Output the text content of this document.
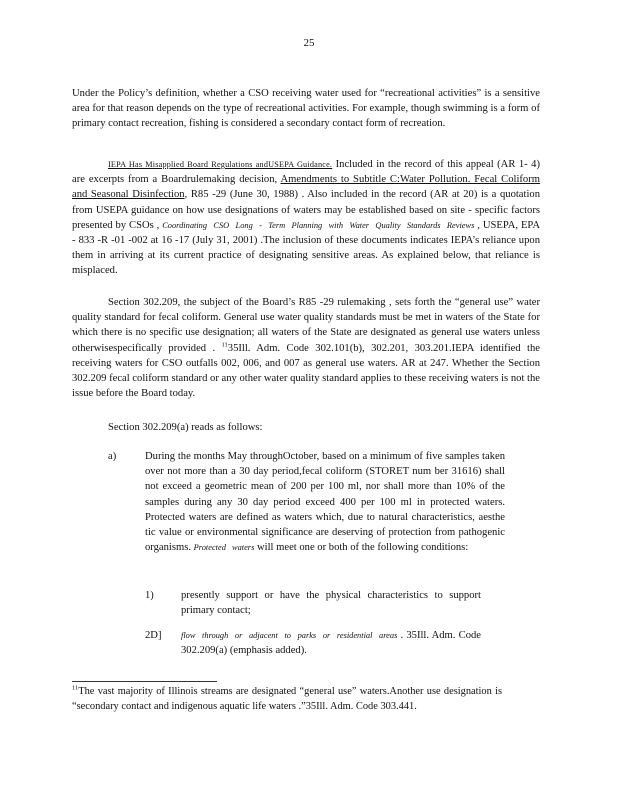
25
Under the Policy’s definition, whether a CSO receiving water used for “recreational activities” is a sensitive area for that reason depends on the type of recreational activities. For example, though swimming is a form of primary contact recreation, fishing is considered a secondary contact form of recreation.
IEPA Has Misapplied Board Regulations andUSEPA Guidance. Included in the record of this appeal (AR 1- 4) are excerpts from a Boardrulemaking decision, Amendments to Subtitle C:Water Pollution. Fecal Coliform and Seasonal Disinfection, R85 -29 (June 30, 1988) . Also included in the record (AR at 20) is a quotation from USEPA guidance on how use designations of waters may be established based on site - specific factors presented by CSOs , Coordinating CSO Long - Term Planning with Water Quality Standards Reviews , USEPA, EPA - 833 -R -01 -002 at 16 -17 (July 31, 2001) .The inclusion of these documents indicates IEPA’s reliance upon them in arriving at its current practice of designating sensitive areas. As explained below, that reliance is misplaced.
Section 302.209, the subject of the Board’s R85 -29 rulemaking , sets forth the “general use” water quality standard for fecal coliform. General use water quality standards must be met in waters of the State for which there is no specific use designation; all waters of the State are designated as general use waters unless otherwisespecifically provided . $^{11}$35Ill. Adm. Code 302.101(b), 302.201, 303.201.IEPA identified the receiving waters for CSO outfalls 002, 006, and 007 as general use waters. AR at 247. Whether the Section 302.209 fecal coliform standard or any other water quality standard applies to these receiving waters is not the issue before the Board today.
Section 302.209(a) reads as follows:
a)	During the months May throughOctober, based on a minimum of five samples taken over not more than a 30 day period,fecal coliform (STORET num ber 31616) shall not exceed a geometric mean of 200 per 100 ml, nor shall more than 10% of the samples during any 30 day period exceed 400 per 100 ml in protected waters. Protected waters are defined as waters which, due to natural characteristics, aesthe tic value or environmental significance are deserving of protection from pathogenic organisms. Protected waters will meet one or both of the following conditions:
1)	presently support or have the physical characteristics to support primary contact;
2D] flow through or adjacent to parks or residential areas . 35Ill. Adm. Code 302.209(a) (emphasis added).
$^{11}$The vast majority of Illinois streams are designated “general use” waters.Another use designation is “secondary contact and indigenous aquatic life waters .”35Ill. Adm. Code 303.441.
